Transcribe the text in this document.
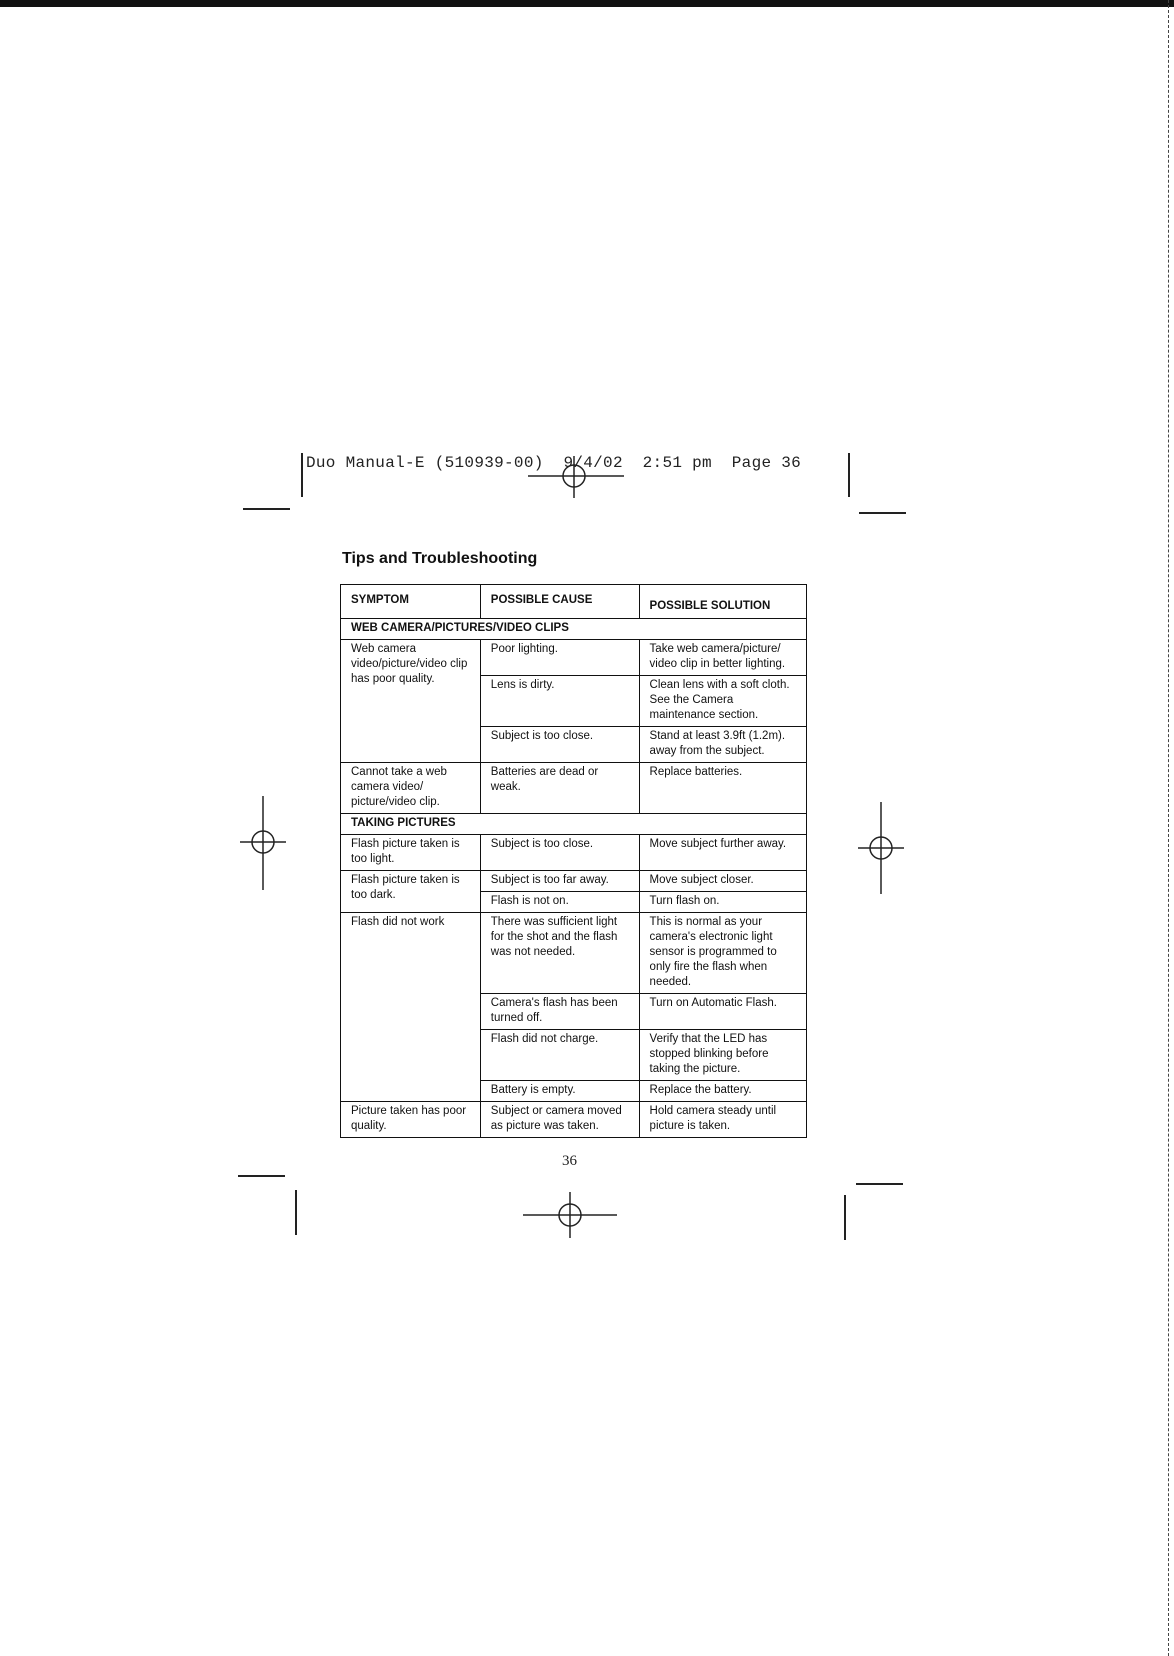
Duo Manual-E (510939-00)  9/4/02  2:51 pm  Page 36
Tips and Troubleshooting
SYMPTOM	POSSIBLE CAUSE	POSSIBLE SOLUTION
WEB CAMERA/PICTURES/VIDEO CLIPS		
Web camera video/picture/video clip has poor quality.	Poor lighting.	Take web camera/picture/ video clip in better lighting.
	Lens is dirty.	Clean lens with a soft cloth. See the Camera maintenance section.
	Subject is too close.	Stand at least 3.9ft (1.2m). away from the subject.
Cannot take a web camera video/ picture/video clip.	Batteries are dead or weak.	Replace batteries.
TAKING PICTURES		
Flash picture taken is too light.	Subject is too close.	Move subject further away.
Flash picture taken is too dark.	Subject is too far away.	Move subject closer.
	Flash is not on.	Turn flash on.
Flash did not work	There was sufficient light for the shot and the flash was not needed.	This is normal as your camera's electronic light sensor is programmed to only fire the flash when needed.
	Camera's flash has been turned off.	Turn on Automatic Flash.
	Flash did not charge.	Verify that the LED has stopped blinking before taking the picture.
	Battery is empty.	Replace the battery.
Picture taken has poor quality.	Subject or camera moved as picture was taken.	Hold camera steady until picture is taken.
36
